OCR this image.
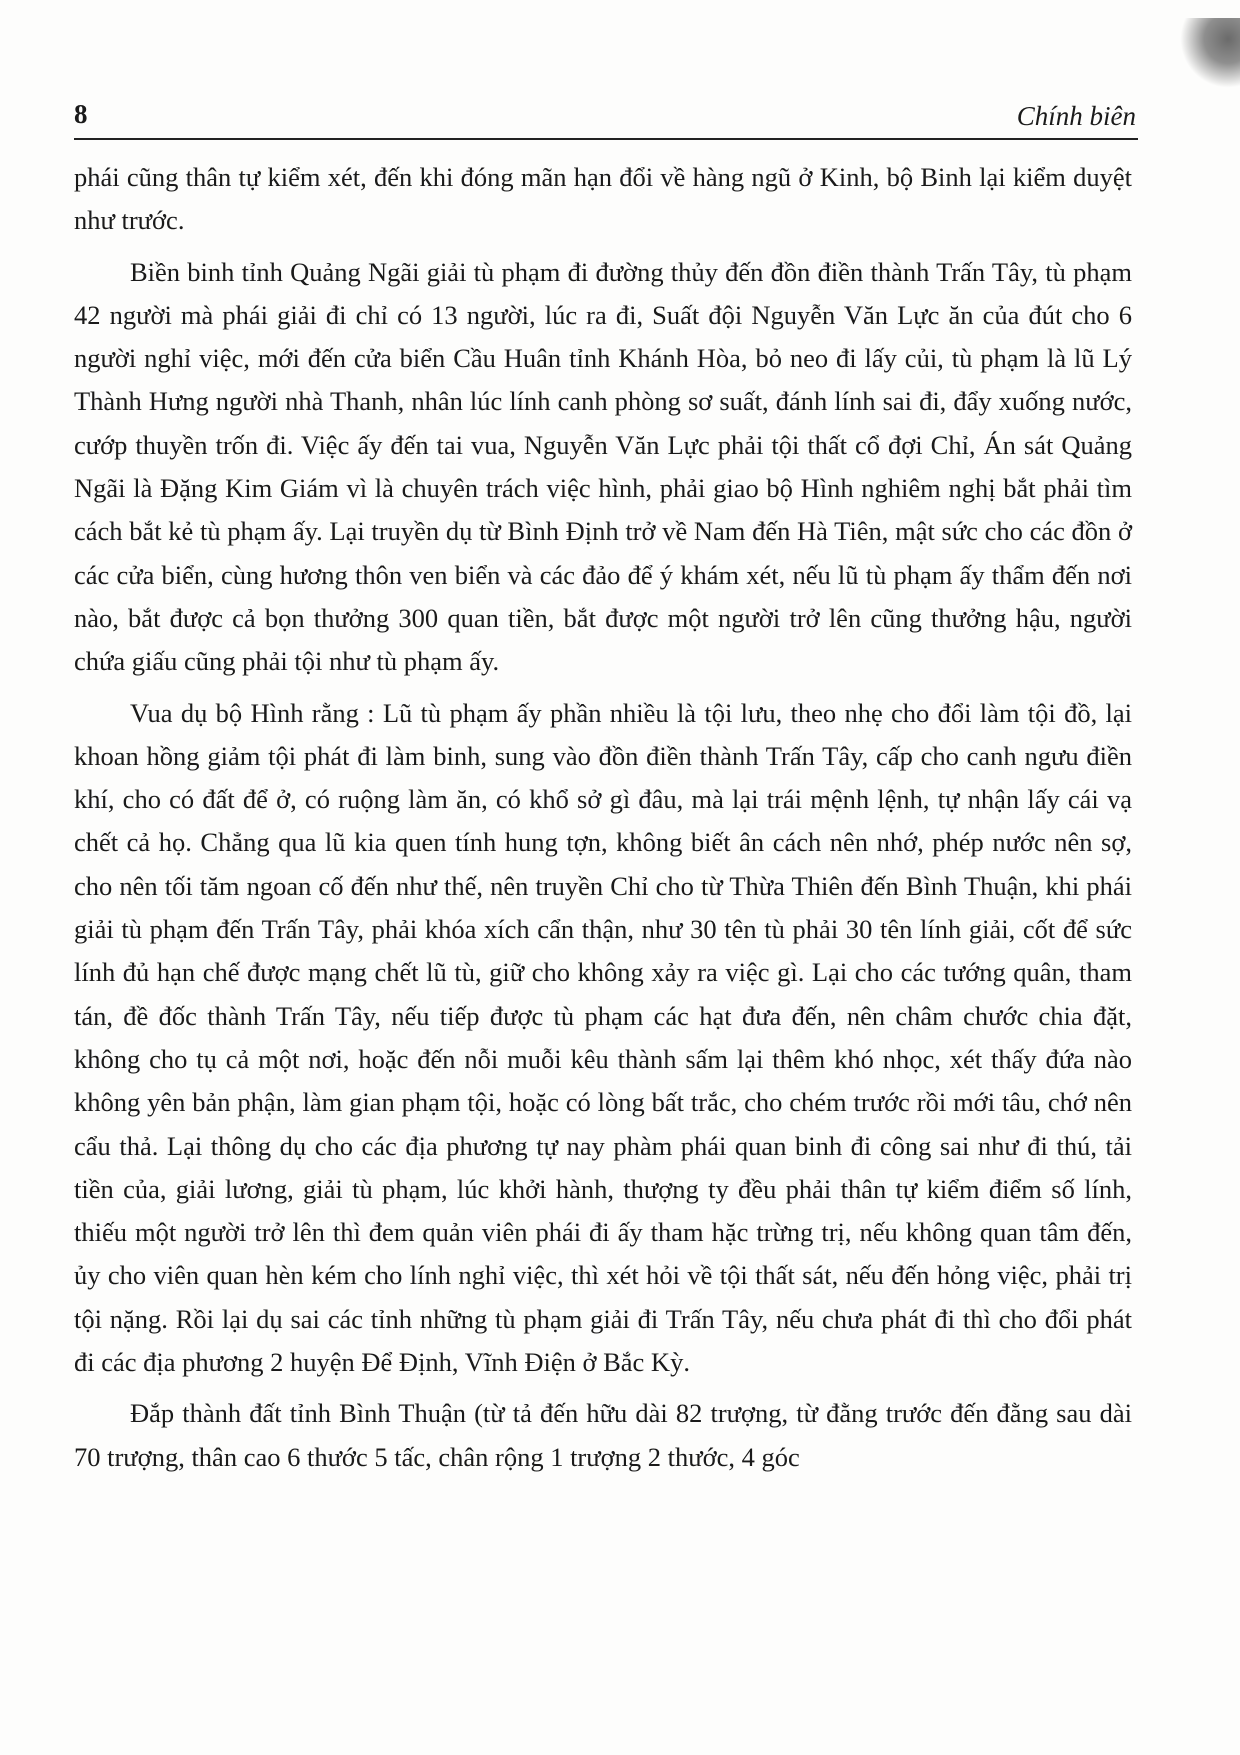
8	Chính biên

phái cũng thân tự kiểm xét, đến khi đóng mãn hạn đổi về hàng ngũ ở Kinh, bộ Binh lại kiểm duyệt như trước.

Biền binh tỉnh Quảng Ngãi giải tù phạm đi đường thủy đến đồn điền thành Trấn Tây, tù phạm 42 người mà phái giải đi chỉ có 13 người, lúc ra đi, Suất đội Nguyễn Văn Lực ăn của đút cho 6 người nghỉ việc, mới đến cửa biển Cầu Huân tỉnh Khánh Hòa, bỏ neo đi lấy củi, tù phạm là lũ Lý Thành Hưng người nhà Thanh, nhân lúc lính canh phòng sơ suất, đánh lính sai đi, đẩy xuống nước, cướp thuyền trốn đi. Việc ấy đến tai vua, Nguyễn Văn Lực phải tội thất cổ đợi Chỉ, Án sát Quảng Ngãi là Đặng Kim Giám vì là chuyên trách việc hình, phải giao bộ Hình nghiêm nghị bắt phải tìm cách bắt kẻ tù phạm ấy. Lại truyền dụ từ Bình Định trở về Nam đến Hà Tiên, mật sức cho các đồn ở các cửa biển, cùng hương thôn ven biển và các đảo để ý khám xét, nếu lũ tù phạm ấy thẩm đến nơi nào, bắt được cả bọn thưởng 300 quan tiền, bắt được một người trở lên cũng thưởng hậu, người chứa giấu cũng phải tội như tù phạm ấy.

Vua dụ bộ Hình rằng : Lũ tù phạm ấy phần nhiều là tội lưu, theo nhẹ cho đổi làm tội đồ, lại khoan hồng giảm tội phát đi làm binh, sung vào đồn điền thành Trấn Tây, cấp cho canh ngưu điền khí, cho có đất để ở, có ruộng làm ăn, có khổ sở gì đâu, mà lại trái mệnh lệnh, tự nhận lấy cái vạ chết cả họ. Chẳng qua lũ kia quen tính hung tợn, không biết ân cách nên nhớ, phép nước nên sợ, cho nên tối tăm ngoan cố đến như thế, nên truyền Chỉ cho từ Thừa Thiên đến Bình Thuận, khi phái giải tù phạm đến Trấn Tây, phải khóa xích cẩn thận, như 30 tên tù phải 30 tên lính giải, cốt để sức lính đủ hạn chế được mạng chết lũ tù, giữ cho không xảy ra việc gì. Lại cho các tướng quân, tham tán, đề đốc thành Trấn Tây, nếu tiếp được tù phạm các hạt đưa đến, nên châm chước chia đặt, không cho tụ cả một nơi, hoặc đến nỗi muỗi kêu thành sấm lại thêm khó nhọc, xét thấy đứa nào không yên bản phận, làm gian phạm tội, hoặc có lòng bất trắc, cho chém trước rồi mới tâu, chớ nên cẩu thả. Lại thông dụ cho các địa phương tự nay phàm phái quan binh đi công sai như đi thú, tải tiền của, giải lương, giải tù phạm, lúc khởi hành, thượng ty đều phải thân tự kiểm điểm số lính, thiếu một người trở lên thì đem quản viên phái đi ấy tham hặc trừng trị, nếu không quan tâm đến, ủy cho viên quan hèn kém cho lính nghỉ việc, thì xét hỏi về tội thất sát, nếu đến hỏng việc, phải trị tội nặng. Rồi lại dụ sai các tỉnh những tù phạm giải đi Trấn Tây, nếu chưa phát đi thì cho đổi phát đi các địa phương 2 huyện Để Định, Vĩnh Điện ở Bắc Kỳ.

Đắp thành đất tỉnh Bình Thuận (từ tả đến hữu dài 82 trượng, từ đằng trước đến đằng sau dài 70 trượng, thân cao 6 thước 5 tấc, chân rộng 1 trượng 2 thước, 4 góc
